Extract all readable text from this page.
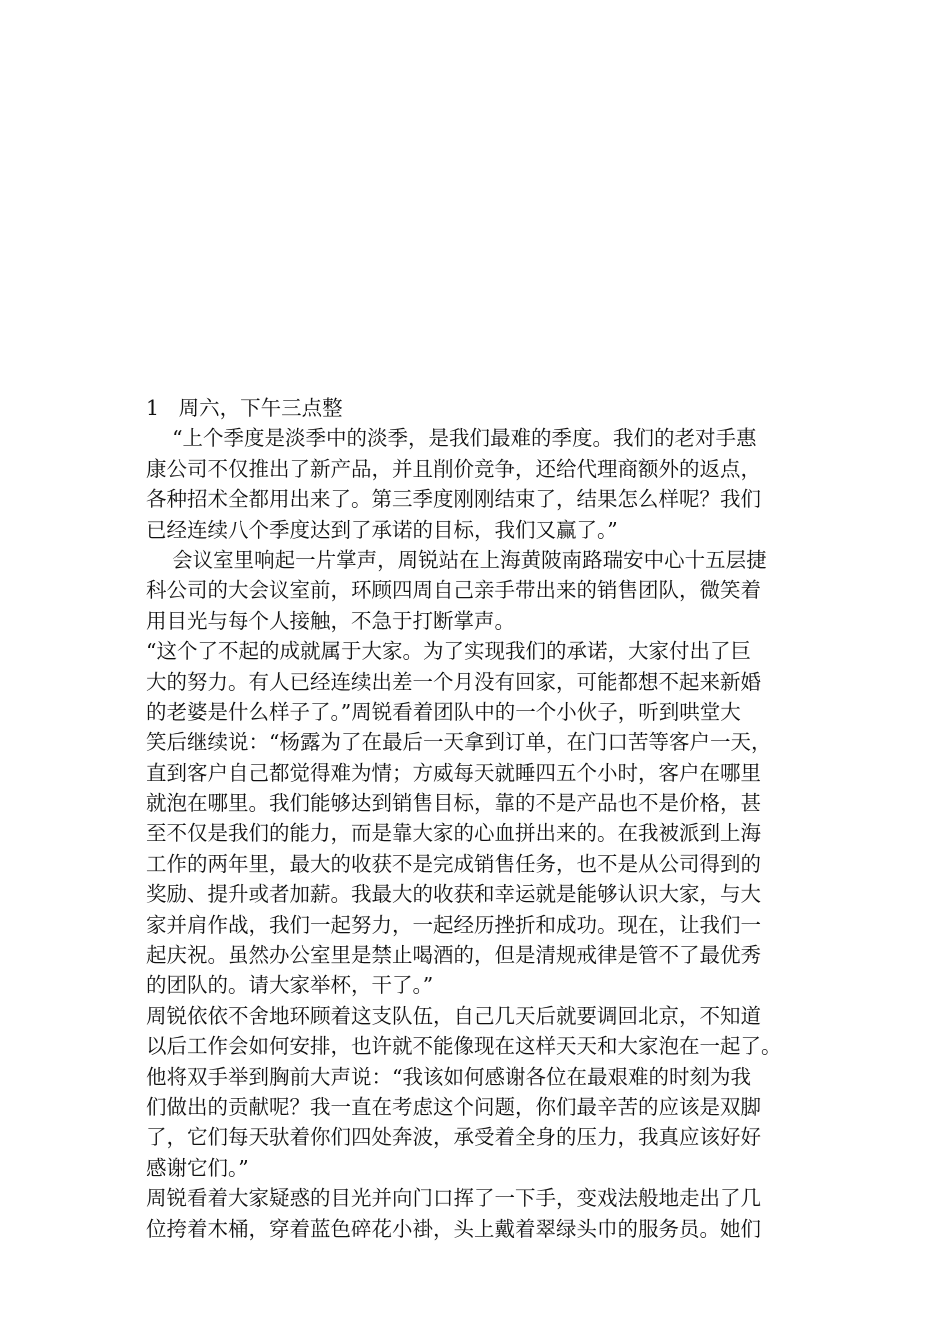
1   周六，下午三点整
“上个季度是淡季中的淡季，是我们最难的季度。我们的老对手惠
康公司不仅推出了新产品，并且削价竞争，还给代理商额外的返点，
各种招术全都用出来了。第三季度刚刚结束了，结果怎么样呢？我们
已经连续八个季度达到了承诺的目标，我们又赢了。”
会议室里响起一片掌声，周锐站在上海黄陂南路瑞安中心十五层捷
科公司的大会议室前，环顾四周自己亲手带出来的销售团队，微笑着
用目光与每个人接触，不急于打断掌声。
“这个了不起的成就属于大家。为了实现我们的承诺，大家付出了巨
大的努力。有人已经连续出差一个月没有回家，可能都想不起来新婚
的老婆是什么样子了。”周锐看着团队中的一个小伙子，听到哄堂大
笑后继续说：“杨露为了在最后一天拿到订单，在门口苦等客户一天，
直到客户自己都觉得难为情；方威每天就睡四五个小时，客户在哪里
就泡在哪里。我们能够达到销售目标，靠的不是产品也不是价格，甚
至不仅是我们的能力，而是靠大家的心血拼出来的。在我被派到上海
工作的两年里，最大的收获不是完成销售任务，也不是从公司得到的
奖励、提升或者加薪。我最大的收获和幸运就是能够认识大家，与大
家并肩作战，我们一起努力，一起经历挫折和成功。现在，让我们一
起庆祝。虽然办公室里是禁止喝酒的，但是清规戒律是管不了最优秀
的团队的。请大家举杯，干了。”
周锐依依不舍地环顾着这支队伍，自己几天后就要调回北京，不知道
以后工作会如何安排，也许就不能像现在这样天天和大家泡在一起了。
他将双手举到胸前大声说：“我该如何感谢各位在最艰难的时刻为我
们做出的贡献呢？我一直在考虑这个问题，你们最辛苦的应该是双脚
了，它们每天驮着你们四处奔波，承受着全身的压力，我真应该好好
感谢它们。”
周锐看着大家疑惑的目光并向门口挥了一下手，变戏法般地走出了几
位挎着木桶，穿着蓝色碎花小褂，头上戴着翠绿头巾的服务员。她们
